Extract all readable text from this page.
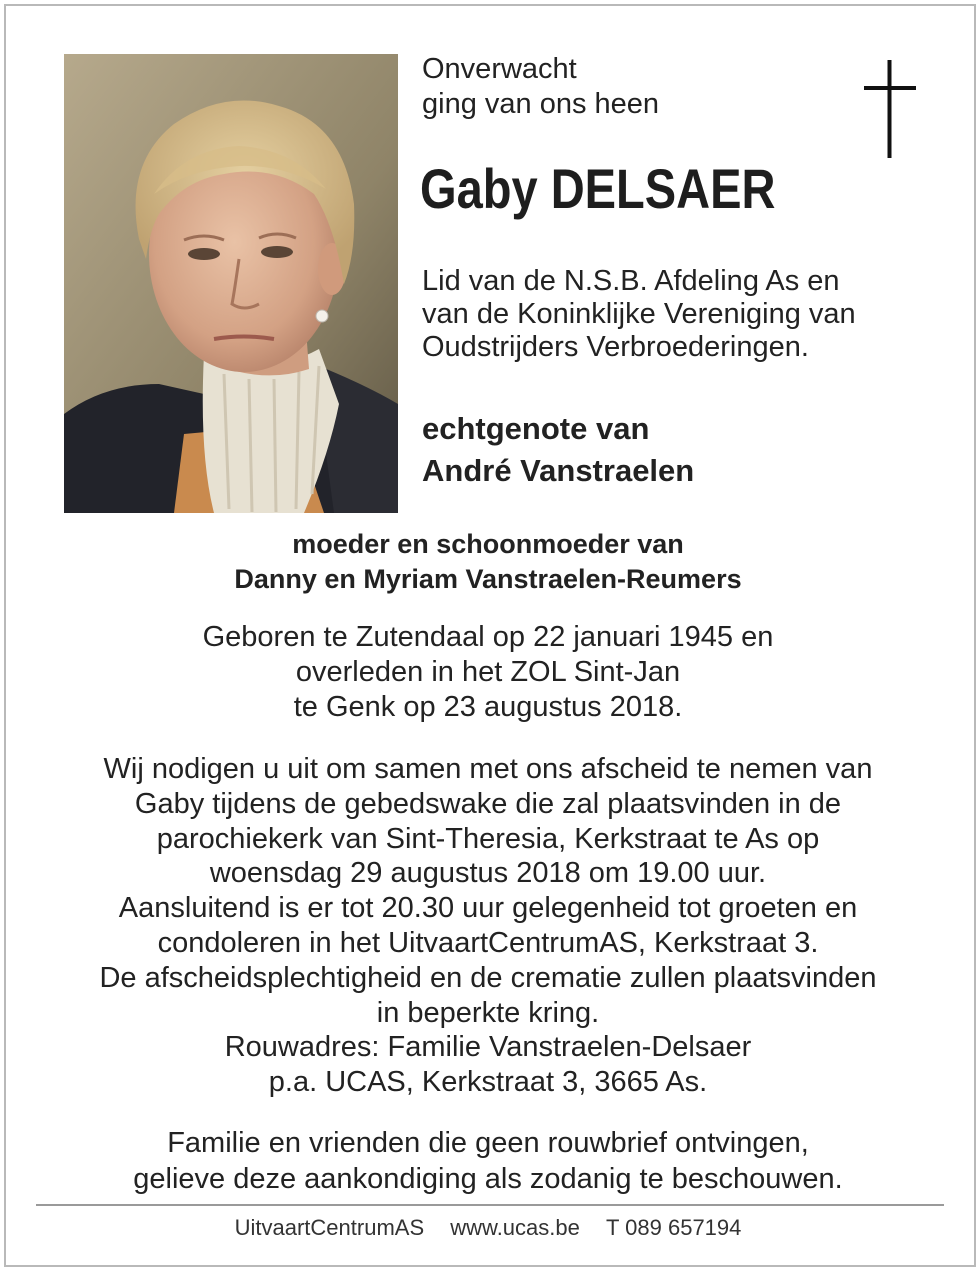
Onverwacht
ging van ons heen
Gaby DELSAER
Lid van de N.S.B. Afdeling As en
van de Koninklijke Vereniging van
Oudstrijders Verbroederingen.
echtgenote van
André Vanstraelen
moeder en schoonmoeder van
Danny en Myriam Vanstraelen-Reumers
Geboren te Zutendaal op 22 januari 1945 en
overleden in het ZOL Sint-Jan
te Genk op 23 augustus 2018.
Wij nodigen u uit om samen met ons afscheid te nemen van
Gaby tijdens de gebedswake die zal plaatsvinden in de
parochiekerk van Sint-Theresia, Kerkstraat te As op
woensdag 29 augustus 2018 om 19.00 uur.
Aansluitend is er tot 20.30 uur gelegenheid tot groeten en
condoleren in het UitvaartCentrumAS, Kerkstraat 3.
De afscheidsplechtigheid en de crematie zullen plaatsvinden
in beperkte kring.
Rouwadres: Familie Vanstraelen-Delsaer
p.a. UCAS, Kerkstraat 3, 3665 As.
Familie en vrienden die geen rouwbrief ontvingen,
gelieve deze aankondiging als zodanig te beschouwen.
UitvaartCentrumAS www.ucas.be T 089 657194
